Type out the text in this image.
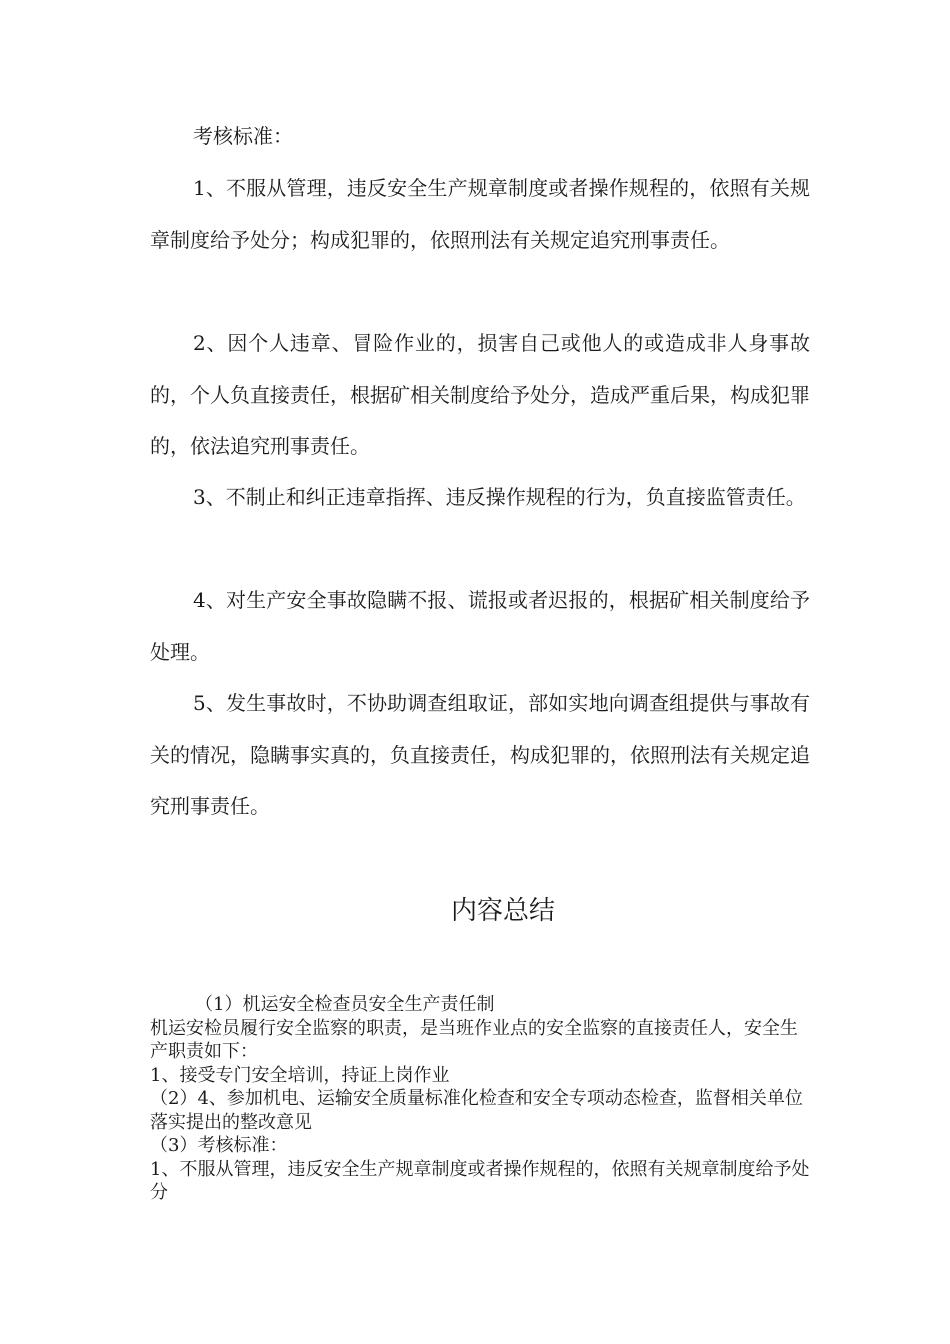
考核标准：

1、不服从管理，违反安全生产规章制度或者操作规程的，依照有关规章制度给予处分；构成犯罪的，依照刑法有关规定追究刑事责任。

2、因个人违章、冒险作业的，损害自己或他人的或造成非人身事故的，个人负直接责任，根据矿相关制度给予处分，造成严重后果，构成犯罪的，依法追究刑事责任。

3、不制止和纠正违章指挥、违反操作规程的行为，负直接监管责任。

4、对生产安全事故隐瞒不报、谎报或者迟报的，根据矿相关制度给予处理。

5、发生事故时，不协助调查组取证，部如实地向调查组提供与事故有关的情况，隐瞒事实真的，负直接责任，构成犯罪的，依照刑法有关规定追究刑事责任。

内容总结

（1）机运安全检查员安全生产责任制

机运安检员履行安全监察的职责，是当班作业点的安全监察的直接责任人，安全生产职责如下：

1、接受专门安全培训，持证上岗作业

（2）4、参加机电、运输安全质量标准化检查和安全专项动态检查，监督相关单位落实提出的整改意见

（3）考核标准：

1、不服从管理，违反安全生产规章制度或者操作规程的，依照有关规章制度给予处分
